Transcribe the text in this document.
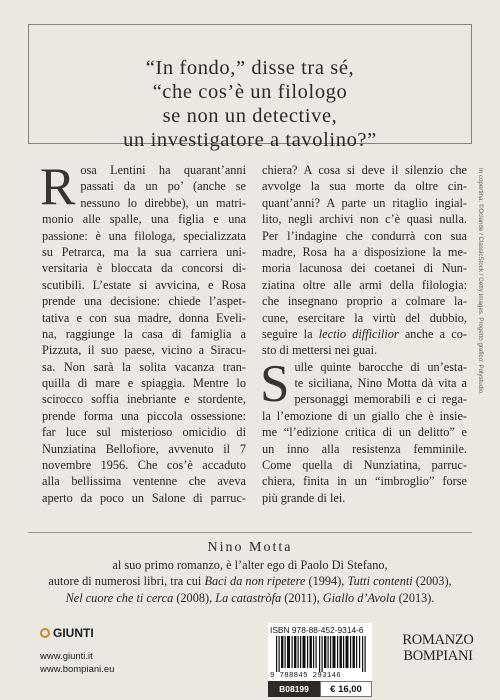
“In fondo,” disse tra sé,
“che cos’è un filologo
se non un detective,
un investigatore a tavolino?”
In copertina: ©Oclande / ClassicStock / Getty Images. Progetto grafico: Polystudio.
R osa Lentini ha quarant’anni
passati da un po’ (anche se
nessuno lo direbbe), un matri-
monio alle spalle, una figlia e una
passione: è una filologa, specializzata
su Petrarca, ma la sua carriera uni-
versitaria è bloccata da concorsi di-
scutibili. L’estate si avvicina, e Rosa
prende una decisione: chiede l’aspet-
tativa e con sua madre, donna Eveli-
na, raggiunge la casa di famiglia a
Pizzuta, il suo paese, vicino a Siracu-
sa. Non sarà la solita vacanza tran-
quilla di mare e spiaggia. Mentre lo
scirocco soffia inebriante e stordente,
prende forma una piccola ossessione:
far luce sul misterioso omicidio di
Nunziatina Bellofiore, avvenuto il 7
novembre 1956. Che cos’è accaduto
alla bellissima ventenne che aveva
aperto da poco un Salone di parruc-
chiera? A cosa si deve il silenzio che
avvolge la sua morte da oltre cin-
quant’anni? A parte un ritaglio ingial-
lito, negli archivi non c’è quasi nulla.
Per l’indagine che condurrà con sua
madre, Rosa ha a disposizione la me-
moria lacunosa dei coetanei di Nun-
ziatina oltre alle armi della filologia:
che insegnano proprio a colmare la-
cune, esercitare la virtù del dubbio,
seguire la lectio difficilior anche a co-
sto di mettersi nei guai.
S ulle quinte barocche di un’esta-
te siciliana, Nino Motta dà vita a
personaggi memorabili e ci rega-
la l’emozione di un giallo che è insie-
me “l’edizione critica di un delitto” e
un inno alla resistenza femminile.
Come quella di Nunziatina, parruc-
chiera, finita in un “imbroglio” forse
più grande di lei.
Nino Motta
al suo primo romanzo, è l’alter ego di Paolo Di Stefano,
autore di numerosi libri, tra cui Baci da non ripetere (1994), Tutti contenti (2003),
Nel cuore che ti cerca (2008), La catastròfa (2011), Giallo d’Avola (2013).
GIUNTI
www.giunti.it
www.bompiani.eu
ISBN 978-88-452-9314-6
9 788845 293146
B08199	€ 16,00
ROMANZO
BOMPIANI
